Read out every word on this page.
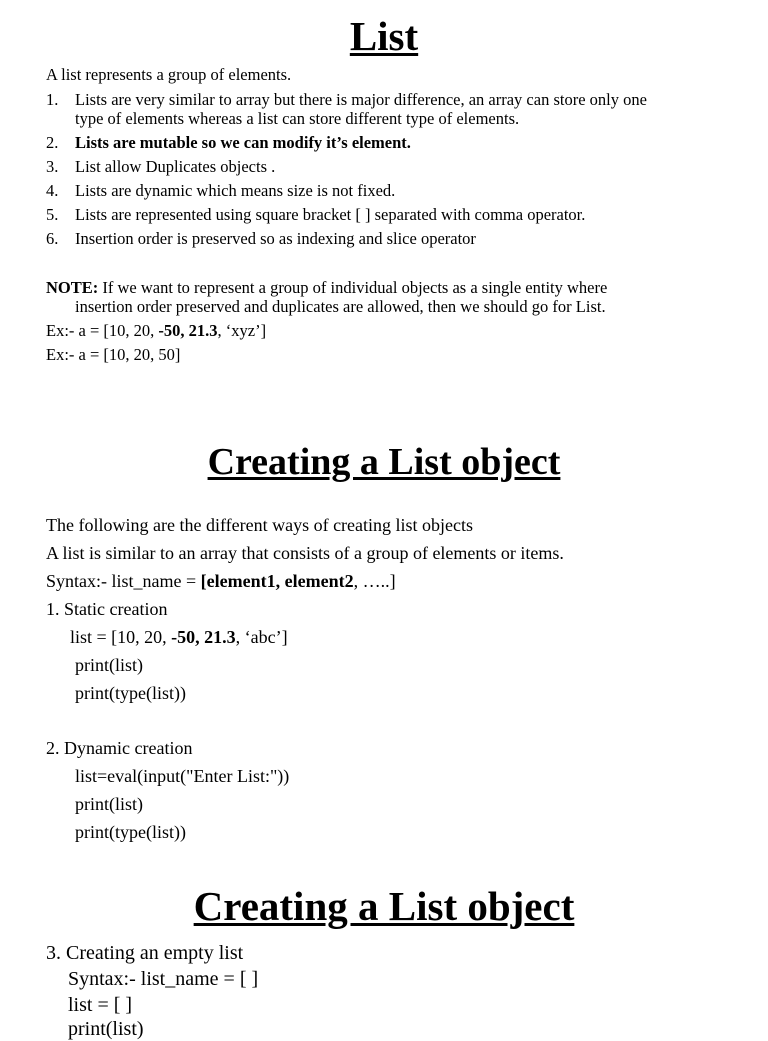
List
A list represents a group of elements.
1. Lists are very similar to array but there is major difference, an array can store only one
type of elements whereas a list can store different type of elements.
2. Lists are mutable so we can modify it’s element.
3. List allow Duplicates objects .
4. Lists are dynamic which means size is not fixed.
5. Lists are represented using square bracket [ ] separated with comma operator.
6. Insertion order is preserved so as indexing and slice operator
NOTE: If we want to represent a group of individual objects as a single entity where
insertion order preserved and duplicates are allowed, then we should go for List.
Ex:- a = [10, 20, -50, 21.3, ‘xyz’]
Ex:- a = [10, 20, 50]
Creating a List object
The following are the different ways of creating list objects
A list is similar to an array that consists of a group of elements or items.
Syntax:- list_name = [element1, element2, …..]
1. Static creation
list = [10, 20, -50, 21.3, ‘abc’]
print(list)
print(type(list))
2. Dynamic creation
list=eval(input("Enter List:"))
print(list)
print(type(list))
Creating a List object
3. Creating an empty list
Syntax:- list_name = [ ]
list = [ ]
print(list)
